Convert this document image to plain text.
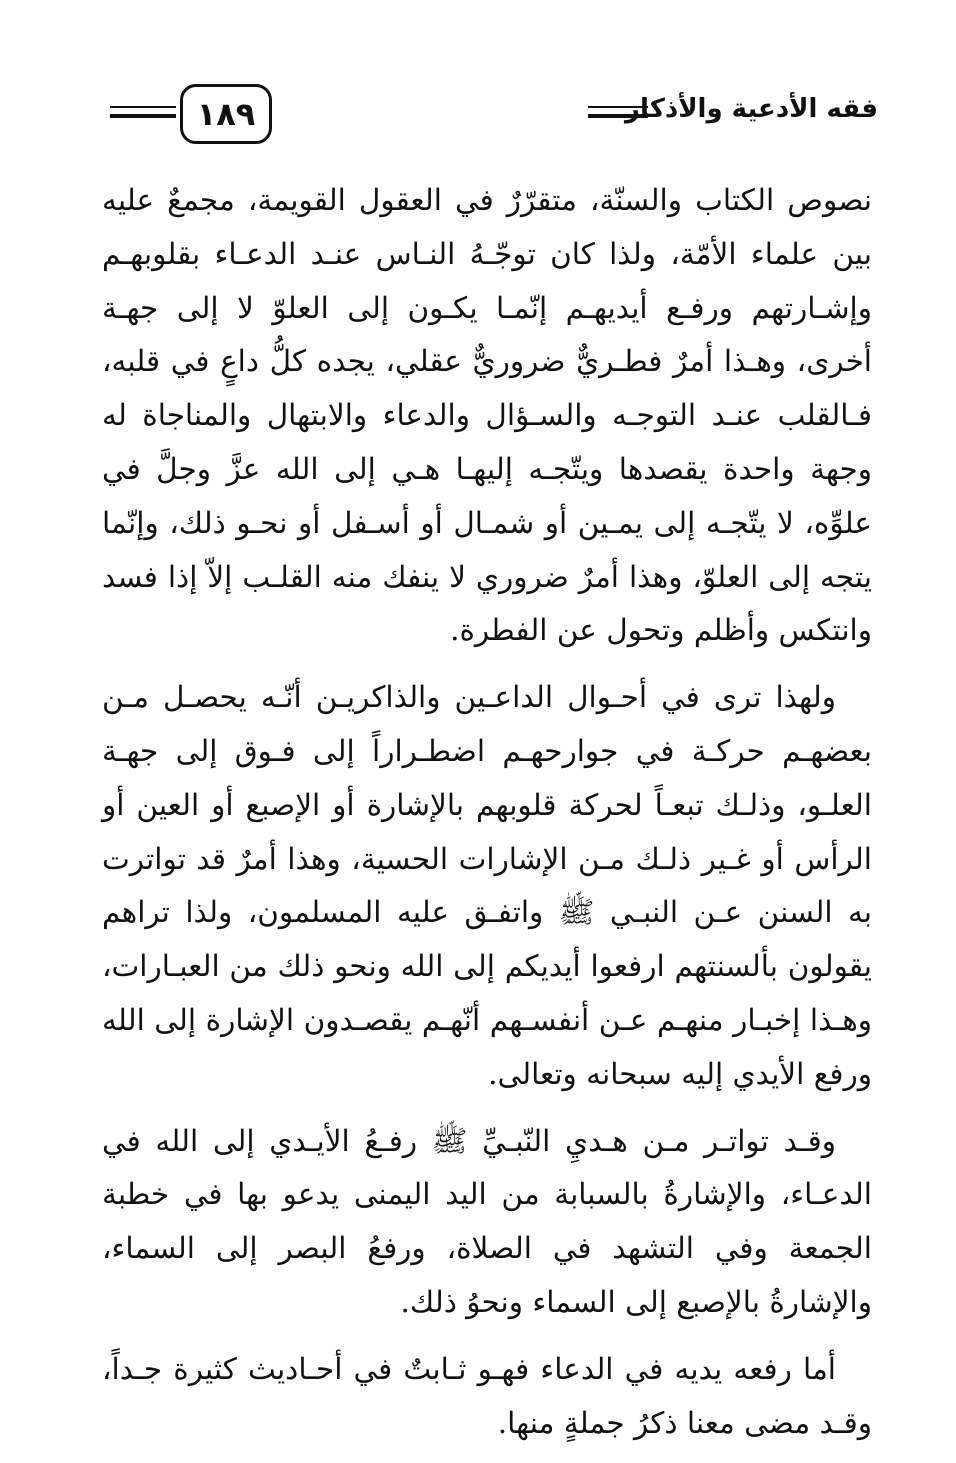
فقه الأدعية والأذكار
١٨٩

نصوص الكتاب والسنّة، متقرّرٌ في العقول القويمة، مجمعٌ عليه بين علماء الأمّة، ولذا كان توجّـهُ النـاس عنـد الدعـاء بقلوبهـم وإشـارتهم ورفـع أيديهـم إنّمـا يكـون إلى العلوّ لا إلى جهـة أخرى، وهـذا أمرٌ فطـريٌّ ضروريٌّ عقلي، يجده كلُّ داعٍ في قلبه، فـالقلب عنـد التوجـه والسـؤال والدعاء والابتهال والمناجاة له وجهة واحدة يقصدها ويتّجـه إليهـا هـي إلى الله عزَّ وجلَّ في علوِّه، لا يتّجـه إلى يمـين أو شمـال أو أسـفل أو نحـو ذلك، وإنّما يتجه إلى العلوّ، وهذا أمرٌ ضروري لا ينفك منه القلـب إلاّ إذا فسد وانتكس وأظلم وتحول عن الفطرة.

ولهذا ترى في أحـوال الداعـين والذاكريـن أنّـه يحصـل مـن بعضهـم حركـة في جوارحهـم اضطـراراً إلى فـوق إلى جهـة العلـو، وذلـك تبعـاً لحركة قلوبهم بالإشارة أو الإصبع أو العين أو الرأس أو غـير ذلـك مـن الإشارات الحسية، وهذا أمرٌ قد تواترت به السنن عـن النبـي ﷺ واتفـق عليه المسلمون، ولذا تراهم يقولون بألسنتهم ارفعوا أيديكم إلى الله ونحو ذلك من العبـارات، وهـذا إخبـار منهـم عـن أنفسـهم أنّهـم يقصـدون الإشارة إلى الله ورفع الأيدي إليه سبحانه وتعالى.

وقـد تواتـر مـن هـديِ النّبـيِّ ﷺ رفـعُ الأيـدي إلى الله في الدعـاء، والإشارةُ بالسبابة من اليد اليمنى يدعو بها في خطبة الجمعة وفي التشهد في الصلاة، ورفعُ البصر إلى السماء، والإشارةُ بالإصبع إلى السماء ونحوُ ذلك.

أما رفعه يديه في الدعاء فهـو ثـابتٌ في أحـاديث كثيرة جـداً، وقـد مضى معنا ذكرُ جملةٍ منها.
